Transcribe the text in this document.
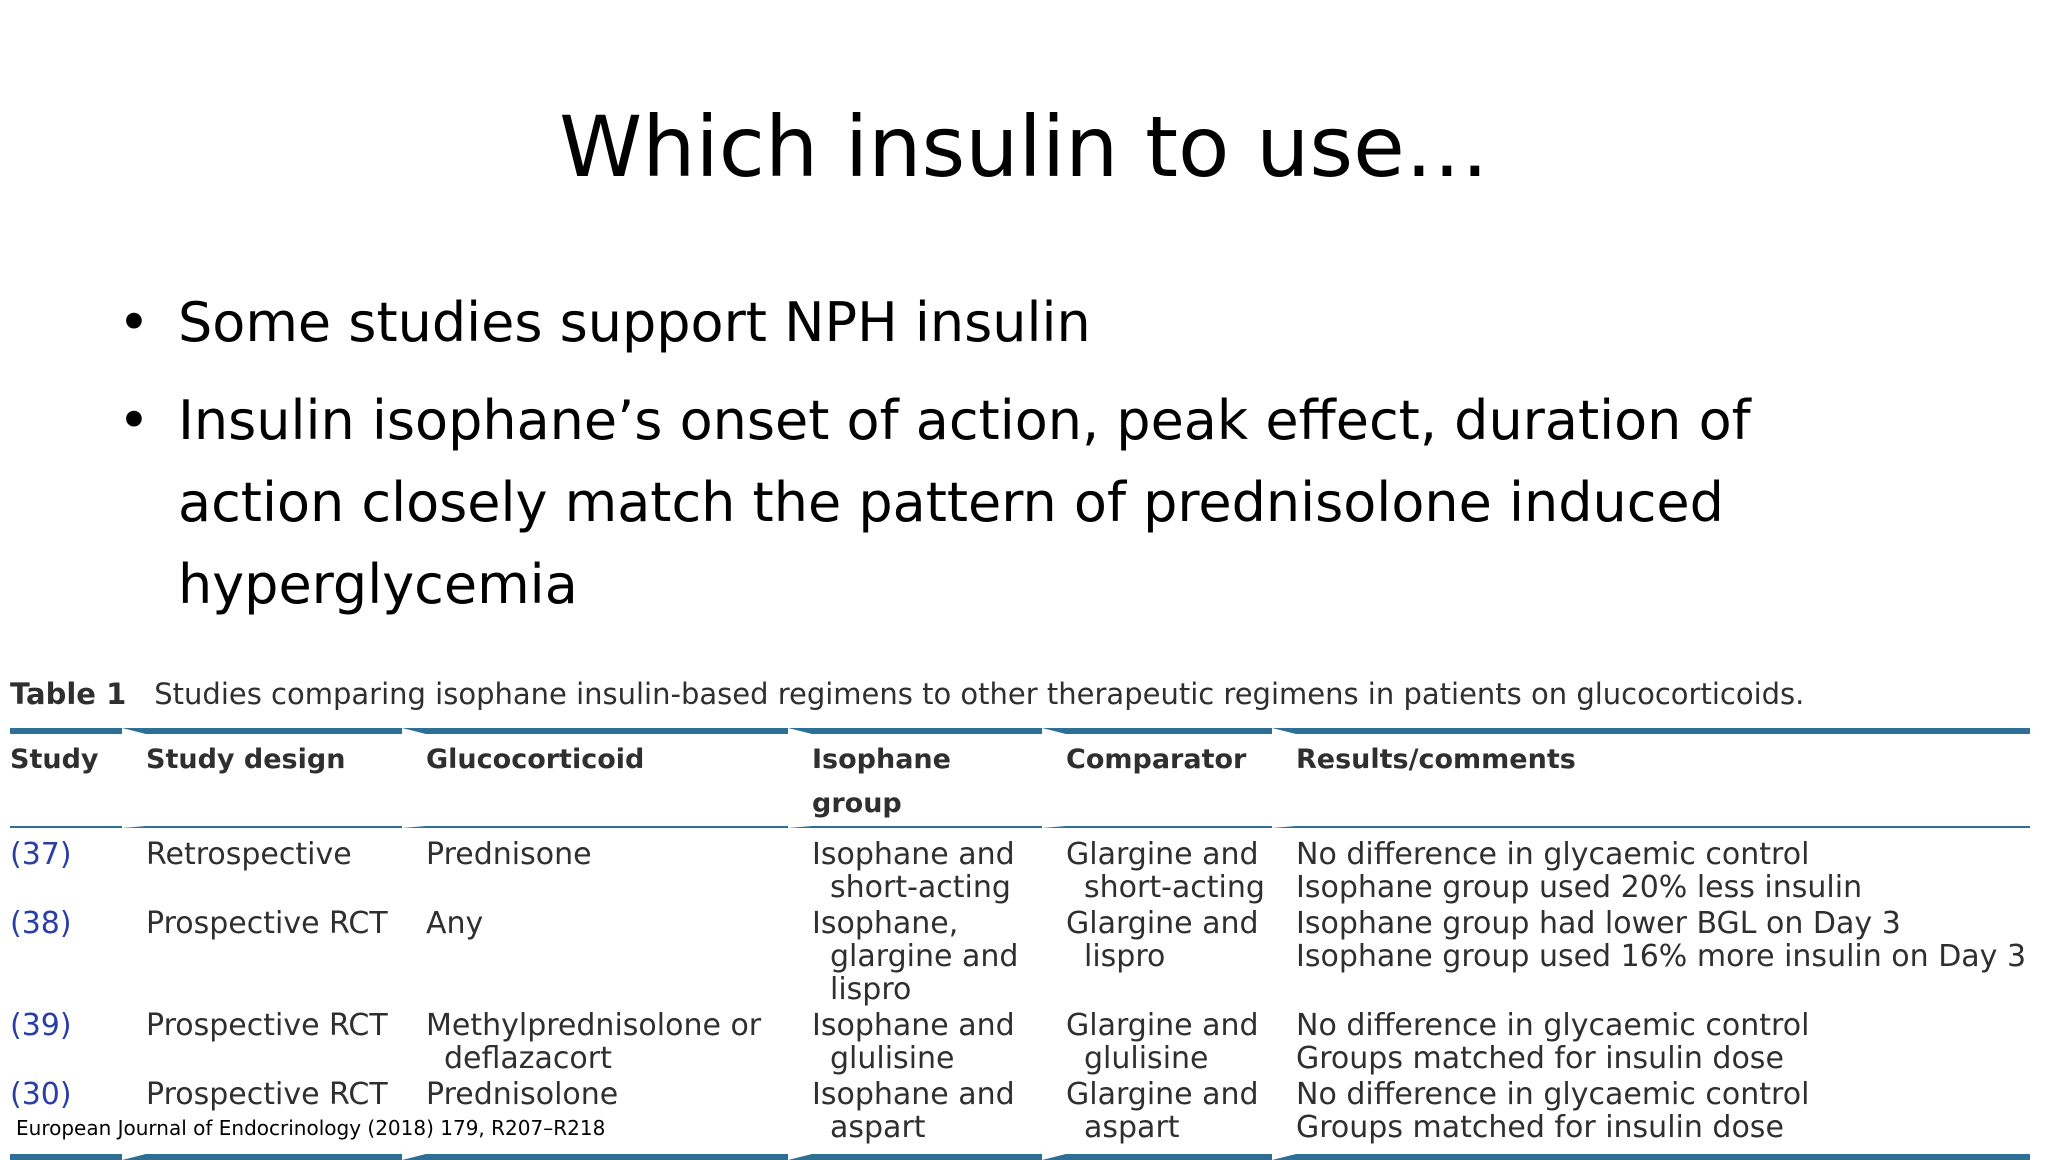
Which insulin to use…
• Some studies support NPH insulin
• Insulin isophane’s onset of action, peak effect, duration of action closely match the pattern of prednisolone induced hyperglycemia
Table 1 Studies comparing isophane insulin-based regimens to other therapeutic regimens in patients on glucocorticoids.
Study	Study design	Glucocorticoid	Isophane group	Comparator	Results/comments
(37)	Retrospective	Prednisone	Isophane and
short-acting	Glargine and
short-acting	No difference in glycaemic control
Isophane group used 20% less insulin

(38)	Prospective RCT	Any	Isophane,
glargine and
lispro	Glargine and
lispro	Isophane group had lower BGL on Day 3
Isophane group used 16% more insulin on Day 3

(39)	Prospective RCT	Methylprednisolone or
deflazacort	Isophane and
glulisine	Glargine and
glulisine	No difference in glycaemic control
Groups matched for insulin dose

(30)	Prospective RCT	Prednisolone	Isophane and
aspart	Glargine and
aspart	No difference in glycaemic control
Groups matched for insulin dose
European Journal of Endocrinology (2018) 179, R207–R218
